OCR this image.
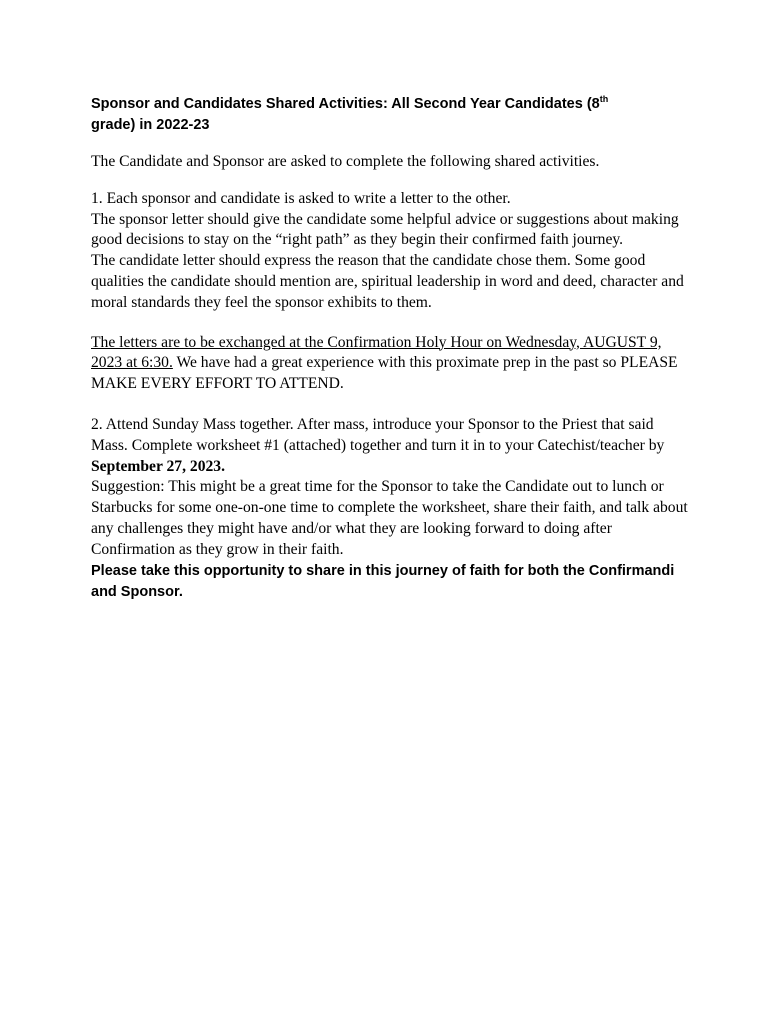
Sponsor and Candidates Shared Activities: All Second Year Candidates (8th
grade) in 2022-23

The Candidate and Sponsor are asked to complete the following shared activities.

1. Each sponsor and candidate is asked to write a letter to the other.
The sponsor letter should give the candidate some helpful advice or suggestions about making good decisions to stay on the “right path” as they begin their confirmed faith journey.
The candidate letter should express the reason that the candidate chose them. Some good qualities the candidate should mention are, spiritual leadership in word and deed, character and moral standards they feel the sponsor exhibits to them.

The letters are to be exchanged at the Confirmation Holy Hour on Wednesday, AUGUST 9, 2023 at 6:30. We have had a great experience with this proximate prep in the past so PLEASE MAKE EVERY EFFORT TO ATTEND.

2. Attend Sunday Mass together. After mass, introduce your Sponsor to the Priest that said Mass. Complete worksheet #1 (attached) together and turn it in to your Catechist/teacher by September 27, 2023.
Suggestion: This might be a great time for the Sponsor to take the Candidate out to lunch or Starbucks for some one-on-one time to complete the worksheet, share their faith, and talk about any challenges they might have and/or what they are looking forward to doing after Confirmation as they grow in their faith.

Please take this opportunity to share in this journey of faith for both the Confirmandi and Sponsor.
